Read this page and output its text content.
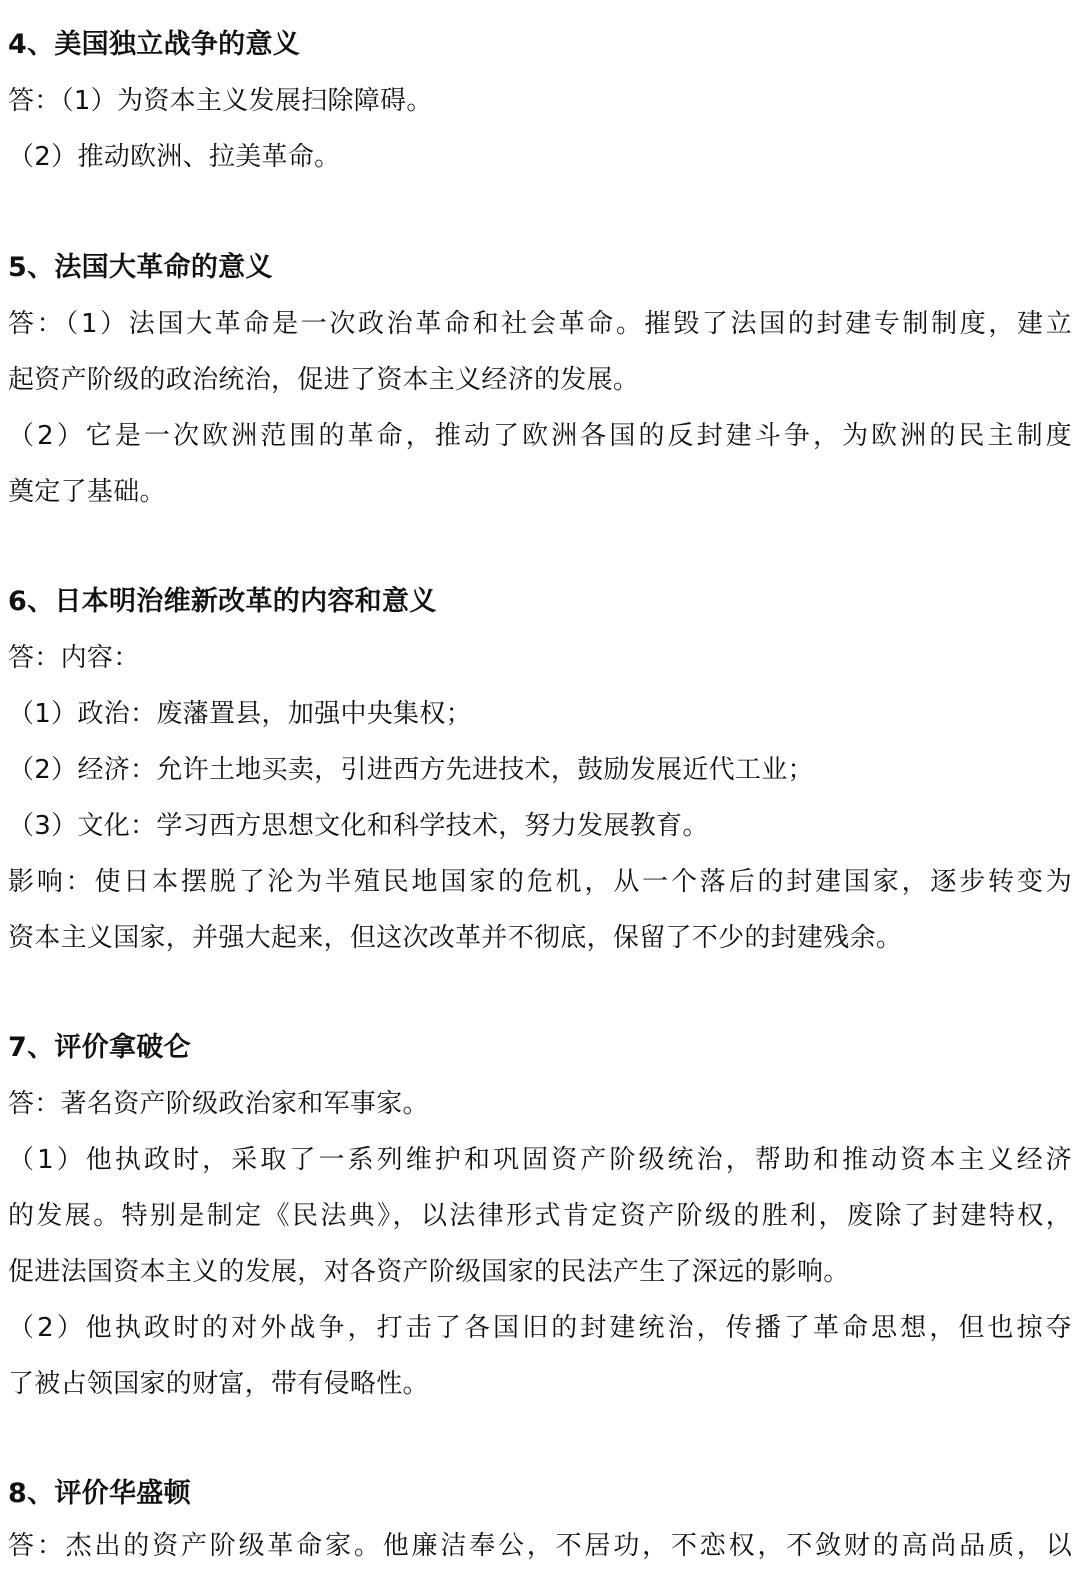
4、美国独立战争的意义
答：（1）为资本主义发展扫除障碍。
（2）推动欧洲、拉美革命。
5、法国大革命的意义
答：（1）法国大革命是一次政治革命和社会革命。摧毁了法国的封建专制制度，建立
起资产阶级的政治统治，促进了资本主义经济的发展。
（2）它是一次欧洲范围的革命，推动了欧洲各国的反封建斗争，为欧洲的民主制度
奠定了基础。
6、日本明治维新改革的内容和意义
答：内容：
（1）政治：废藩置县，加强中央集权；
（2）经济：允许土地买卖，引进西方先进技术，鼓励发展近代工业；
（3）文化：学习西方思想文化和科学技术，努力发展教育。
影响：使日本摆脱了沦为半殖民地国家的危机，从一个落后的封建国家，逐步转变为
资本主义国家，并强大起来，但这次改革并不彻底，保留了不少的封建残余。
7、评价拿破仑
答：著名资产阶级政治家和军事家。
（1）他执政时，采取了一系列维护和巩固资产阶级统治，帮助和推动资本主义经济
的发展。特别是制定《民法典》，以法律形式肯定资产阶级的胜利，废除了封建特权，
促进法国资本主义的发展，对各资产阶级国家的民法产生了深远的影响。
（2）他执政时的对外战争，打击了各国旧的封建统治，传播了革命思想，但也掠夺
了被占领国家的财富，带有侵略性。
8、评价华盛顿
答：杰出的资产阶级革命家。他廉洁奉公，不居功，不恋权，不敛财的高尚品质，以
